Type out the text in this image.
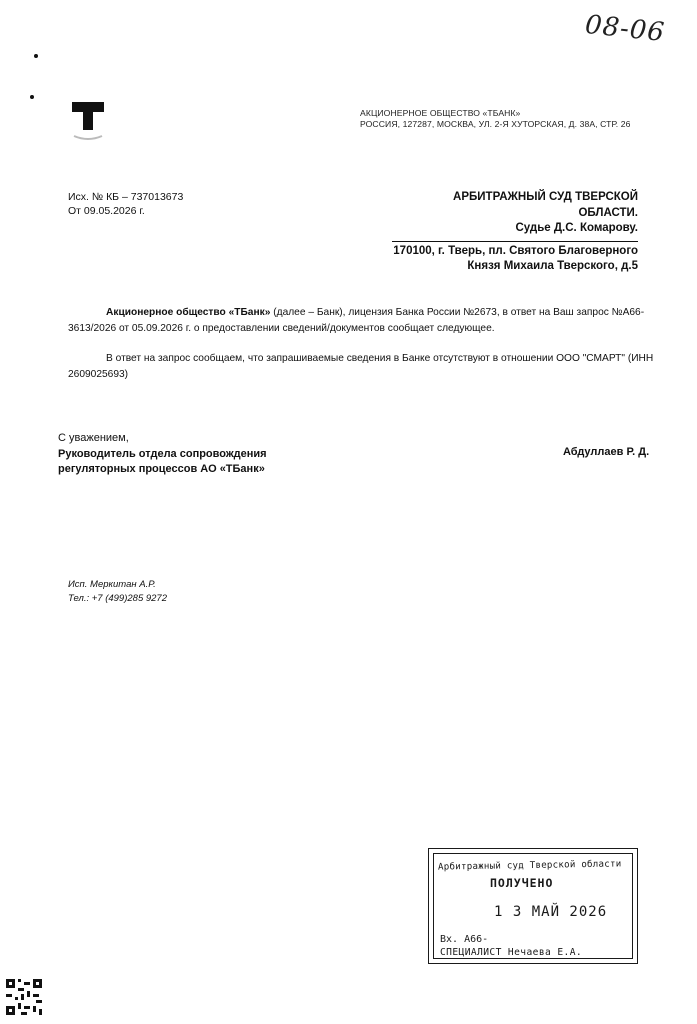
08-06
АКЦИОНЕРНОЕ ОБЩЕСТВО «ТБАНК»
РОССИЯ, 127287, МОСКВА, УЛ. 2-Я ХУТОРСКАЯ, Д. 38А, СТР. 26
Исх. № КБ – 737013673
От 09.05.2026 г.
АРБИТРАЖНЫЙ СУД ТВЕРСКОЙ ОБЛАСТИ.
Судье Д.С. Комарову.
170100, г. Тверь, пл. Святого Благоверного Князя Михаила Тверского, д.5
Акционерное общество «ТБанк» (далее – Банк), лицензия Банка России №2673, в ответ на Ваш запрос №А66-3613/2026 от 05.09.2026 г. о предоставлении сведений/документов сообщает следующее.
В ответ на запрос сообщаем, что запрашиваемые сведения в Банке отсутствуют в отношении ООО "СМАРТ" (ИНН 2609025693)
С уважением,
Руководитель отдела сопровождения
регуляторных процессов АО «ТБанк»
Абдуллаев Р. Д.
Исп. Меркитан А.Р.
Тел.: +7 (499)285 9272
Арбитражный суд Тверской области
ПОЛУЧЕНО
1 3 МАЙ 2026
Вх. А66-
СПЕЦИАЛИСТ Нечаева Е.А.
